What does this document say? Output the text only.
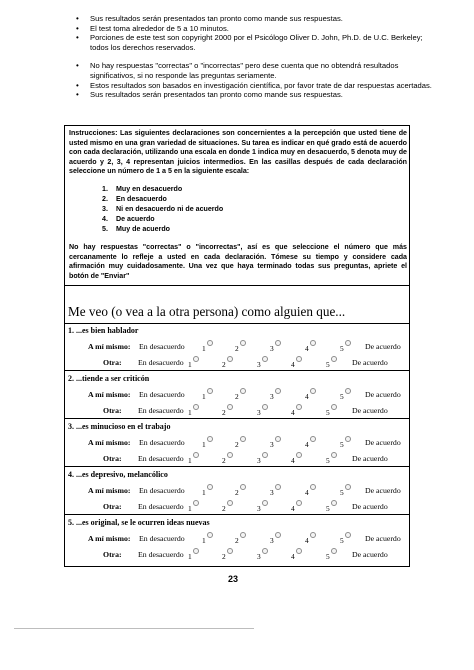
• Sus resultados serán presentados tan pronto como mande sus respuestas.
• El test toma alrededor de 5 a 10 minutos.
• Porciones de este test son copyright 2000 por el Psicólogo Oliver D. John, Ph.D. de U.C. Berkeley; todos los derechos reservados.
• No hay respuestas "correctas" o "incorrectas" pero dese cuenta que no obtendrá resultados significativos, si no responde las preguntas seriamente.
• Estos resultados son basados en investigación científica, por favor trate de dar respuestas acertadas.
• Sus resultados serán presentados tan pronto como mande sus respuestas.
Instrucciones: Las siguientes declaraciones son concernientes a la percepción que usted tiene de usted mismo en una gran variedad de situaciones. Su tarea es indicar en qué grado está de acuerdo con cada declaración, utilizando una escala en donde 1 indica muy en desacuerdo, 5 denota muy de acuerdo y 2, 3, 4 representan juicios intermedios. En las casillas después de cada declaración seleccione un número de 1 a 5 en la siguiente escala:
1. Muy en desacuerdo
2. En desacuerdo
3. Ni en desacuerdo ni de acuerdo
4. De acuerdo
5. Muy de acuerdo
No hay respuestas "correctas" o "incorrectas", así es que seleccione el número que más cercanamente lo refleje a usted en cada declaración. Tómese su tiempo y considere cada afirmación muy cuidadosamente. Una vez que haya terminado todas sus preguntas, apriete el botón de "Enviar"
Me veo (o vea a la otra persona) como alguien que...
1. ...es bien hablador
A mí mismo: En desacuerdo 1	2	3	4	5	De acuerdo
Otra: En desacuerdo 1	2	3	4	5	De acuerdo
2. ...tiende a ser criticón
A mí mismo: En desacuerdo 1	2	3	4	5	De acuerdo
Otra: En desacuerdo 1	2	3	4	5	De acuerdo
3. ...es minucioso en el trabajo
A mí mismo: En desacuerdo 1	2	3	4	5	De acuerdo
Otra: En desacuerdo 1	2	3	4	5	De acuerdo
4. ...es depresivo, melancólico
A mí mismo: En desacuerdo 1	2	3	4	5	De acuerdo
Otra: En desacuerdo 1	2	3	4	5	De acuerdo
5. ...es original, se le ocurren ideas nuevas
A mí mismo: En desacuerdo 1	2	3	4	5	De acuerdo
Otra: En desacuerdo 1	2	3	4	5	De acuerdo
23
